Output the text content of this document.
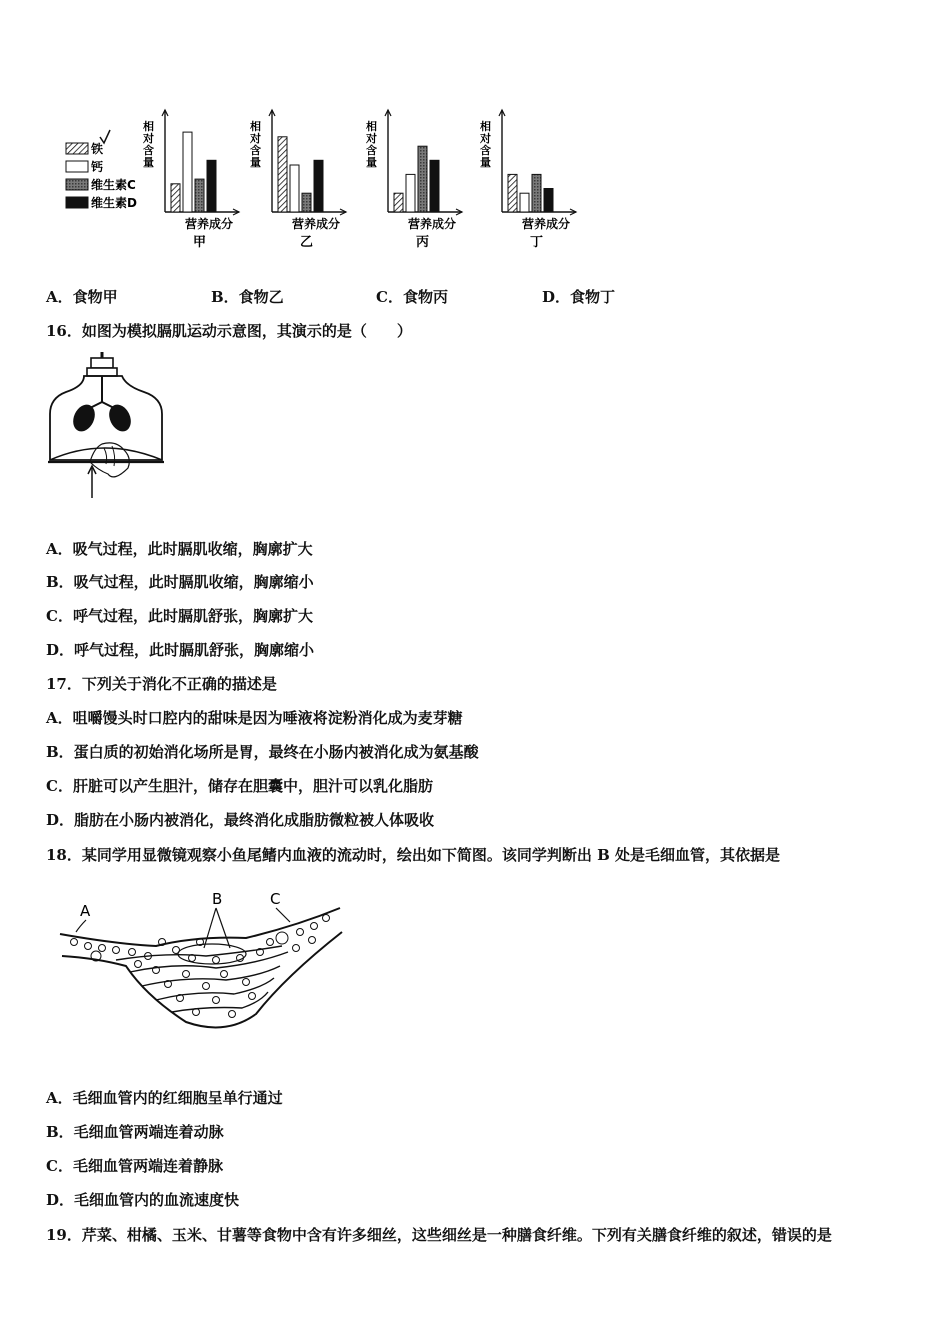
铁
钙
维生素C
维生素D
相
对
含
量
营养成分
甲
相
对
含
量
营养成分
乙
相
对
含
量
营养成分
丙
相
对
含
量
营养成分
丁
A．食物甲	B．食物乙	C．食物丙	D．食物丁
16．如图为模拟膈肌运动示意图，其演示的是（　　）
A．吸气过程，此时膈肌收缩，胸廓扩大
B．吸气过程，此时膈肌收缩，胸廓缩小
C．呼气过程，此时膈肌舒张，胸廓扩大
D．呼气过程，此时膈肌舒张，胸廓缩小
17．下列关于消化不正确的描述是
A．咀嚼馒头时口腔内的甜味是因为唾液将淀粉消化成为麦芽糖
B．蛋白质的初始消化场所是胃，最终在小肠内被消化成为氨基酸
C．肝脏可以产生胆汁，储存在胆囊中，胆汁可以乳化脂肪
D．脂肪在小肠内被消化，最终消化成脂肪微粒被人体吸收
18．某同学用显微镜观察小鱼尾鳍内血液的流动时，绘出如下简图。该同学判断出 B 处是毛细血管，其依据是
A
B	C
A．毛细血管内的红细胞呈单行通过
B．毛细血管两端连着动脉
C．毛细血管两端连着静脉
D．毛细血管内的血流速度快
19．芹菜、柑橘、玉米、甘薯等食物中含有许多细丝，这些细丝是一种膳食纤维。下列有关膳食纤维的叙述，错误的是
